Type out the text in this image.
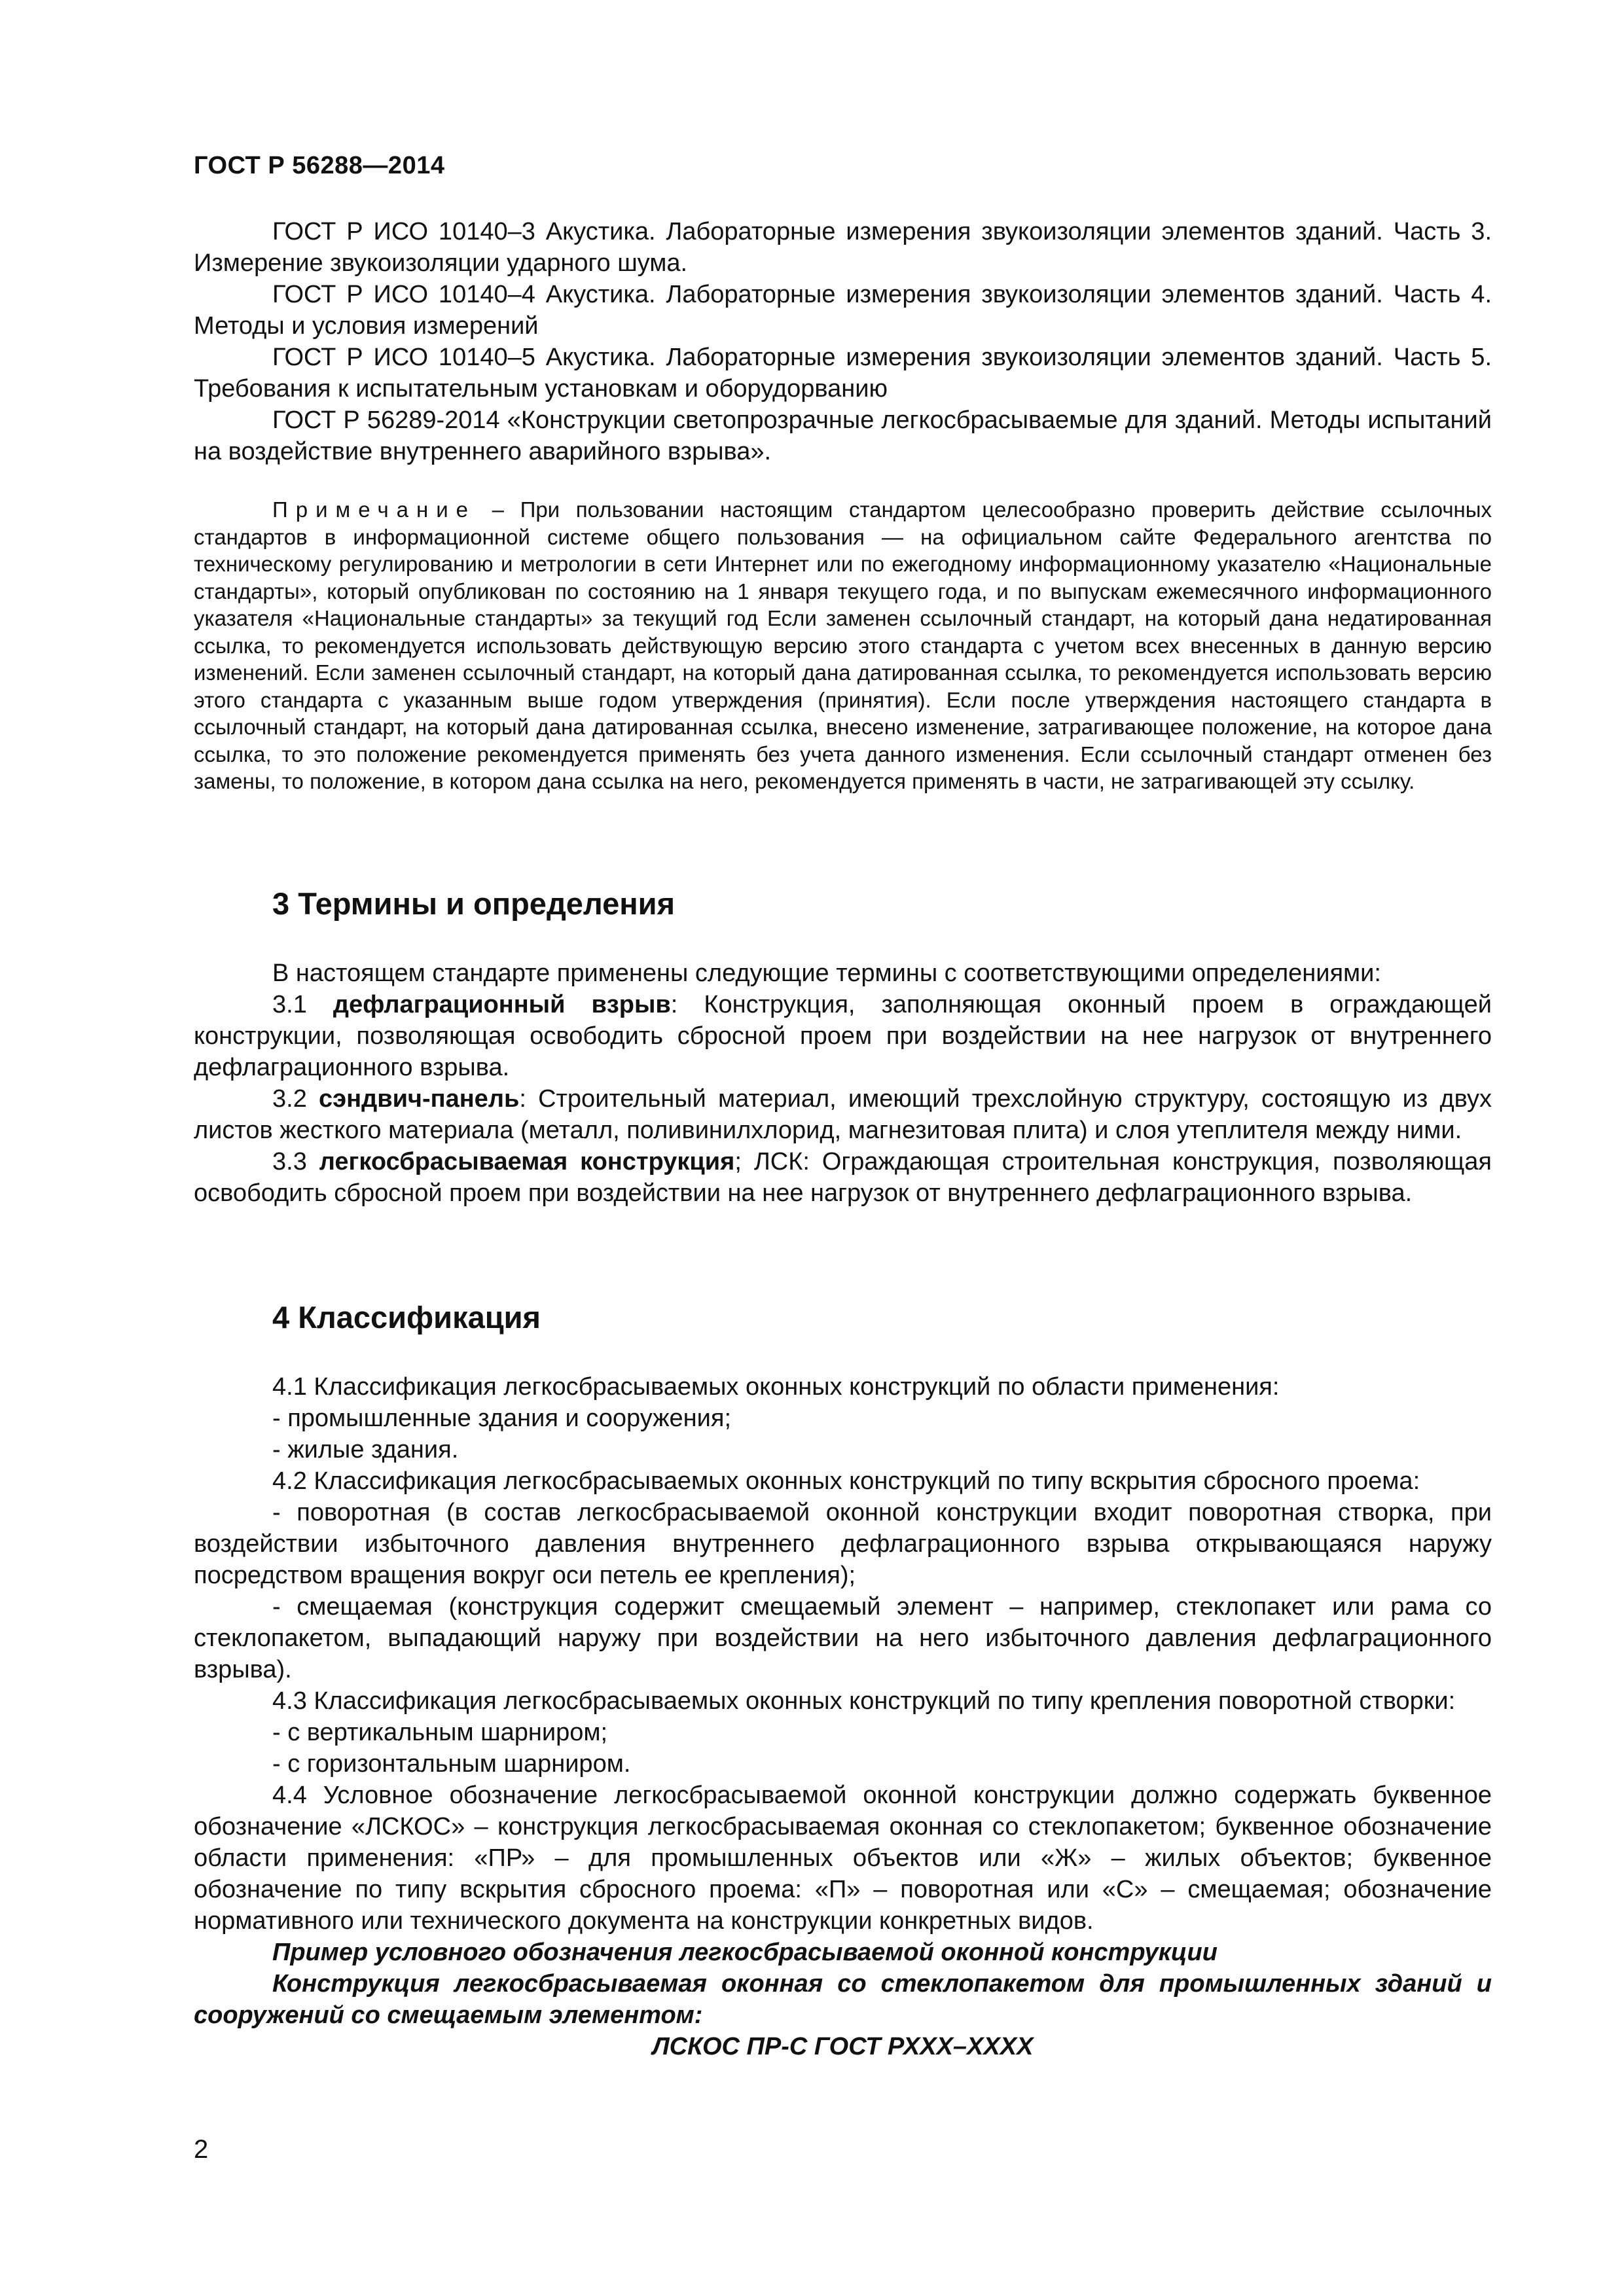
ГОСТ Р 56288—2014

ГОСТ Р ИСО 10140–3 Акустика. Лабораторные измерения звукоизоляции элементов зданий. Часть 3. Измерение звукоизоляции ударного шума.

ГОСТ Р ИСО 10140–4 Акустика. Лабораторные измерения звукоизоляции элементов зданий. Часть 4. Методы и условия измерений

ГОСТ Р ИСО 10140–5 Акустика. Лабораторные измерения звукоизоляции элементов зданий. Часть 5. Требования к испытательным установкам и оборудорванию

ГОСТ Р 56289-2014 «Конструкции светопрозрачные легкосбрасываемые для зданий. Методы испытаний на воздействие внутреннего аварийного взрыва».

Примечание – При пользовании настоящим стандартом целесообразно проверить действие ссылочных стандартов в информационной системе общего пользования — на официальном сайте Федерального агентства по техническому регулированию и метрологии в сети Интернет или по ежегодному информационному указателю «Национальные стандарты», который опубликован по состоянию на 1 января текущего года, и по выпускам ежемесячного информационного указателя «Национальные стандарты» за текущий год Если заменен ссылочный стандарт, на который дана недатированная ссылка, то рекомендуется использовать действующую версию этого стандарта с учетом всех внесенных в данную версию изменений. Если заменен ссылочный стандарт, на который дана датированная ссылка, то рекомендуется использовать версию этого стандарта с указанным выше годом утверждения (принятия). Если после утверждения настоящего стандарта в ссылочный стандарт, на который дана датированная ссылка, внесено изменение, затрагивающее положение, на которое дана ссылка, то это положение рекомендуется применять без учета данного изменения. Если ссылочный стандарт отменен без замены, то положение, в котором дана ссылка на него, рекомендуется применять в части, не затрагивающей эту ссылку.

3 Термины и определения

В настоящем стандарте применены следующие термины с соответствующими определениями:

3.1 дефлаграционный взрыв: Конструкция, заполняющая оконный проем в ограждающей конструкции, позволяющая освободить сбросной проем при воздействии на нее нагрузок от внутреннего дефлаграционного взрыва.

3.2 сэндвич-панель: Строительный материал, имеющий трехслойную структуру, состоящую из двух листов жесткого материала (металл, поливинилхлорид, магнезитовая плита) и слоя утеплителя между ними.

3.3 легкосбрасываемая конструкция; ЛСК: Ограждающая строительная конструкция, позволяющая освободить сбросной проем при воздействии на нее нагрузок от внутреннего дефлаграционного взрыва.

4 Классификация

4.1 Классификация легкосбрасываемых оконных конструкций по области применения:

- промышленные здания и сооружения;

- жилые здания.

4.2 Классификация легкосбрасываемых оконных конструкций по типу вскрытия сбросного проема:

- поворотная (в состав легкосбрасываемой оконной конструкции входит поворотная створка, при воздействии избыточного давления внутреннего дефлаграционного взрыва открывающаяся наружу посредством вращения вокруг оси петель ее крепления);

- смещаемая (конструкция содержит смещаемый элемент – например, стеклопакет или рама со стеклопакетом, выпадающий наружу при воздействии на него избыточного давления дефлаграционного взрыва).

4.3 Классификация легкосбрасываемых оконных конструкций по типу крепления поворотной створки:

- с вертикальным шарниром;

- с горизонтальным шарниром.

4.4 Условное обозначение легкосбрасываемой оконной конструкции должно содержать буквенное обозначение «ЛСКОС» – конструкция легкосбрасываемая оконная со стеклопакетом; буквенное обозначение области применения: «ПР» – для промышленных объектов или «Ж» – жилых объектов; буквенное обозначение по типу вскрытия сбросного проема: «П» – поворотная или «С» – смещаемая; обозначение нормативного или технического документа на конструкции конкретных видов.

Пример условного обозначения легкосбрасываемой оконной конструкции

Конструкция легкосбрасываемая оконная со стеклопакетом для промышленных зданий и сооружений со смещаемым элементом:

ЛСКОС ПР-С ГОСТ РХХХ–ХХХХ

2
